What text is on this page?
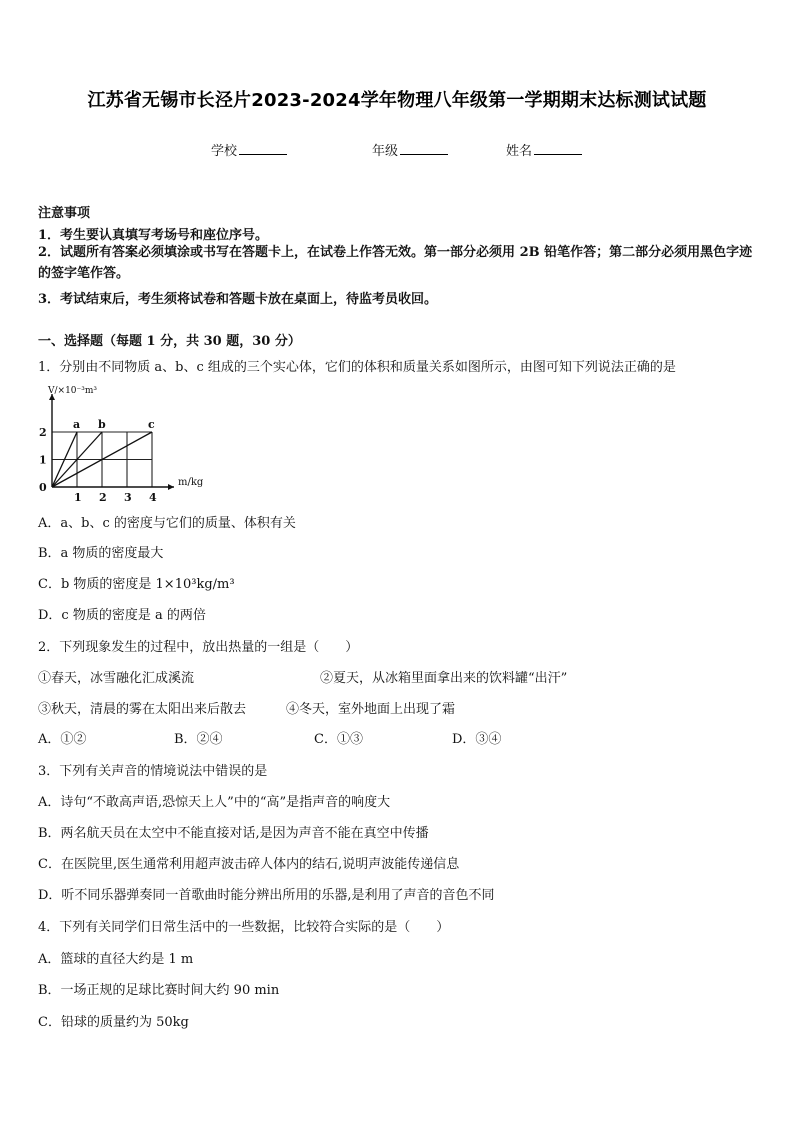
江苏省无锡市长泾片2023-2024学年物理八年级第一学期期末达标测试试题
学校	年级	姓名
注意事项
1．考生要认真填写考场号和座位序号。
2．试题所有答案必须填涂或书写在答题卡上，在试卷上作答无效。第一部分必须用 2B 铅笔作答；第二部分必须用黑色字迹的签字笔作答。
3．考试结束后，考生须将试卷和答题卡放在桌面上，待监考员收回。
一、选择题（每题 1 分，共 30 题，30 分）
1．分别由不同物质 a、b、c 组成的三个实心体，它们的体积和质量关系如图所示，由图可知下列说法正确的是
V/×10⁻³m³
m/kg
0
1 2 3 4
1
2
a b	c
A．a、b、c 的密度与它们的质量、体积有关
B．a 物质的密度最大
C．b 物质的密度是 1×10³kg/m³
D．c 物质的密度是 a 的两倍
2．下列现象发生的过程中，放出热量的一组是（　　）
①春天，冰雪融化汇成溪流	②夏天，从冰箱里面拿出来的饮料罐“出汗”
③秋天，清晨的雾在太阳出来后散去	④冬天，室外地面上出现了霜
A．①②	B．②④	C．①③	D．③④
3．下列有关声音的情境说法中错误的是
A．诗句“不敢高声语,恐惊天上人”中的“高”是指声音的响度大
B．两名航天员在太空中不能直接对话,是因为声音不能在真空中传播
C．在医院里,医生通常利用超声波击碎人体内的结石,说明声波能传递信息
D．听不同乐器弹奏同一首歌曲时能分辨出所用的乐器,是利用了声音的音色不同
4．下列有关同学们日常生活中的一些数据，比较符合实际的是（　　）
A．篮球的直径大约是 1 m
B．一场正规的足球比赛时间大约 90 min
C．铅球的质量约为 50kg
